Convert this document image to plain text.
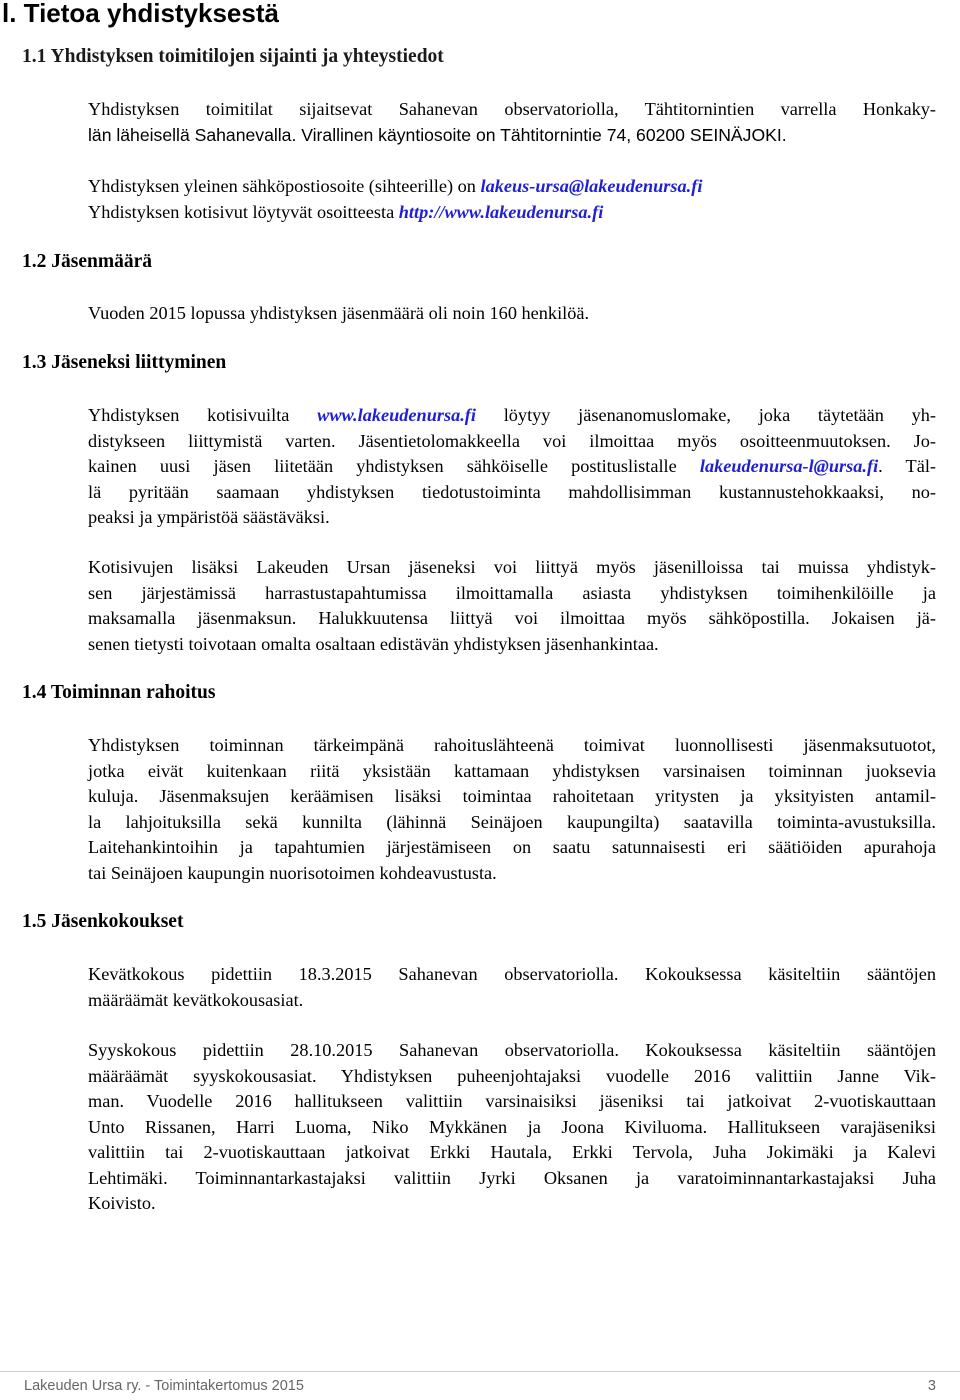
l. Tietoa yhdistyksestä
1.1 Yhdistyksen toimitilojen sijainti ja yhteystiedot
Yhdistyksen toimitilat sijaitsevat Sahanevan observatoriolla, Tähtitornintien varrella Honkaky-
län läheisellä Sahanevalla. Virallinen käyntiosoite on Tähtitornintie 74, 60200 SEINÄJOKI.
Yhdistyksen yleinen sähköpostiosoite (sihteerille) on lakeus-ursa@lakeudenursa.fi
Yhdistyksen kotisivut löytyvät osoitteesta http://www.lakeudenursa.fi
1.2 Jäsenmäärä
Vuoden 2015 lopussa yhdistyksen jäsenmäärä oli noin 160 henkilöä.
1.3 Jäseneksi liittyminen
Yhdistyksen kotisivuilta www.lakeudenursa.fi löytyy jäsenanomuslomake, joka täytetään yh-
distykseen liittymistä varten. Jäsentietolomakkeella voi ilmoittaa myös osoitteenmuutoksen. Jo-
kainen uusi jäsen liitetään yhdistyksen sähköiselle postituslistalle lakeudenursa-l@ursa.fi. Täl-
lä pyritään saamaan yhdistyksen tiedotustoiminta mahdollisimman kustannustehokkaaksi, no-
peaksi ja ympäristöä säästäväksi.
Kotisivujen lisäksi Lakeuden Ursan jäseneksi voi liittyä myös jäsenilloissa tai muissa yhdistyk-
sen järjestämissä harrastustapahtumissa ilmoittamalla asiasta yhdistyksen toimihenkilöille ja
maksamalla jäsenmaksun. Halukkuutensa liittyä voi ilmoittaa myös sähköpostilla. Jokaisen jä-
senen tietysti toivotaan omalta osaltaan edistävän yhdistyksen jäsenhankintaa.
1.4 Toiminnan rahoitus
Yhdistyksen toiminnan tärkeimpänä rahoituslähteenä toimivat luonnollisesti jäsenmaksutuotot,
jotka eivät kuitenkaan riitä yksistään kattamaan yhdistyksen varsinaisen toiminnan juoksevia
kuluja. Jäsenmaksujen keräämisen lisäksi toimintaa rahoitetaan yritysten ja yksityisten antamil-
la lahjoituksilla sekä kunnilta (lähinnä Seinäjoen kaupungilta) saatavilla toiminta-avustuksilla.
Laitehankintoihin ja tapahtumien järjestämiseen on saatu satunnaisesti eri säätiöiden apurahoja
tai Seinäjoen kaupungin nuorisotoimen kohdeavustusta.
1.5 Jäsenkokoukset
Kevätkokous pidettiin 18.3.2015 Sahanevan observatoriolla. Kokouksessa käsiteltiin sääntöjen
määräämät kevätkokousasiat.
Syyskokous pidettiin 28.10.2015 Sahanevan observatoriolla. Kokouksessa käsiteltiin sääntöjen
määräämät syyskokousasiat. Yhdistyksen puheenjohtajaksi vuodelle 2016 valittiin Janne Vik-
man. Vuodelle 2016 hallitukseen valittiin varsinaisiksi jäseniksi tai jatkoivat 2-vuotiskauttaan
Unto Rissanen, Harri Luoma, Niko Mykkänen ja Joona Kiviluoma. Hallitukseen varajäseniksi
valittiin tai 2-vuotiskauttaan jatkoivat Erkki Hautala, Erkki Tervola, Juha Jokimäki ja Kalevi
Lehtimäki. Toiminnantarkastajaksi valittiin Jyrki Oksanen ja varatoiminnantarkastajaksi Juha
Koivisto.
Lakeuden Ursa ry. - Toimintakertomus 2015	3
